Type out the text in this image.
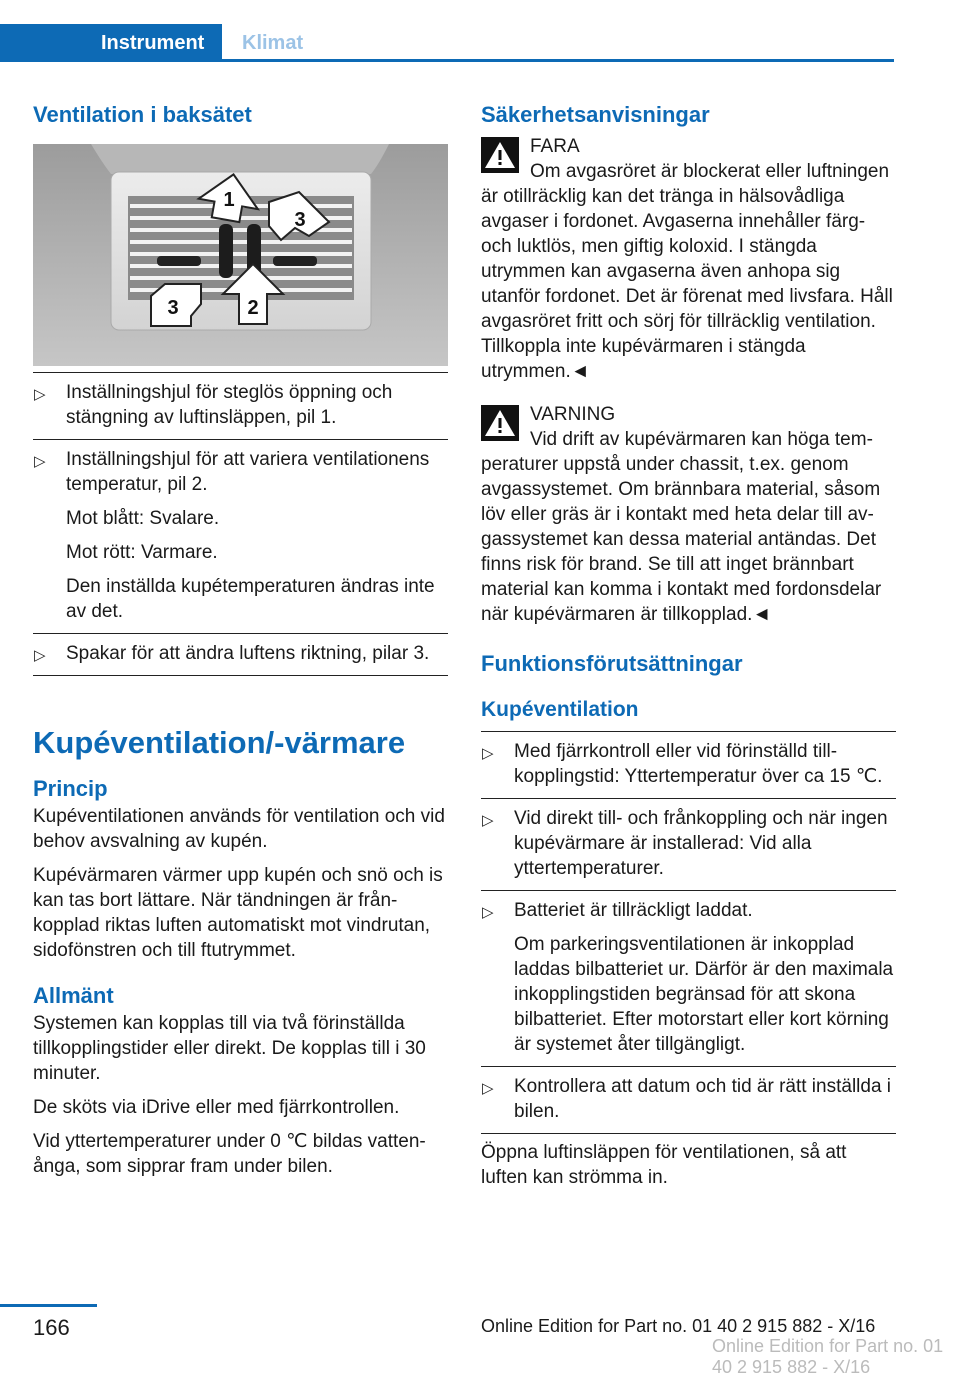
Instrument	Klimat
Ventilation i baksätet
1
2
3
3
▷ Inställningshjul för steglös öppning och stängning av luftinsläppen, pil 1.
▷ Inställningshjul för att variera ventilationens temperatur, pil 2.

Mot blått: Svalare.

Mot rött: Varmare.

Den inställda kupétemperaturen ändras inte av det.

▷ Spakar för att ändra luftens riktning, pilar 3.
Kupéventilation/-värmare
Princip

Kupéventilationen används för ventilation och vid behov avsvalning av kupén.

Kupévärmaren värmer upp kupén och snö och is kan tas bort lättare. När tändningen är frånkopplad riktas luften automatiskt mot vindrutan, sidofönstren och till ftutrymmet.

Allmänt

Systemen kan kopplas till via två förinställda tillkopplingstider eller direkt. De kopplas till i 30 minuter.

De sköts via iDrive eller med fjärrkontrollen.

Vid yttertemperaturer under 0 ℃ bildas vattenånga, som sipprar fram under bilen.

Säkerhetsanvisningar
FARA

Om avgasröret är blockerat eller luftningen är otillräcklig kan det tränga in hälsovådliga avgaser i fordonet. Avgaserna innehåller färg- och luktlös, men giftig koloxid. I stängda utrymmen kan avgaserna även anhopa sig utanför fordonet. Det är förenat med livsfara. Håll avgasröret fritt och sörj för tillräcklig ventilation. Tillkoppla inte kupévärmaren i stängda utrymmen.◄

VARNING

Vid drift av kupévärmaren kan höga temperaturer uppstå under chassit, t.ex. genom avgassystemet. Om brännbara material, såsom löv eller gräs är i kontakt med heta delar till avgassystemet kan dessa material antändas. Det finns risk för brand. Se till att inget brännbart material kan komma i kontakt med fordonsdelar när kupévärmaren är tillkopplad.◄

Funktionsförutsättningar
Kupéventilation
▷ Med fjärrkontroll eller vid förinställd tillkopplingstid: Yttertemperatur över ca 15 ℃.
▷ Vid direkt till- och frånkoppling och när ingen kupévärmare är installerad: Vid alla yttertemperaturer.
▷ Batteriet är tillräckligt laddat.

Om parkeringsventilationen är inkopplad laddas bilbatteriet ur. Därför är den maximala inkopplingstiden begränsad för att skona bilbatteriet. Efter motorstart eller kort körning är systemet åter tillgängligt.

▷ Kontrollera att datum och tid är rätt inställda i bilen.

Öppna luftinsläppen för ventilationen, så att luften kan strömma in.

166	Online Edition for Part no. 01 40 2 915 882 - X/16
Online Edition for Part no. 01 40 2 915 882 - X/16
